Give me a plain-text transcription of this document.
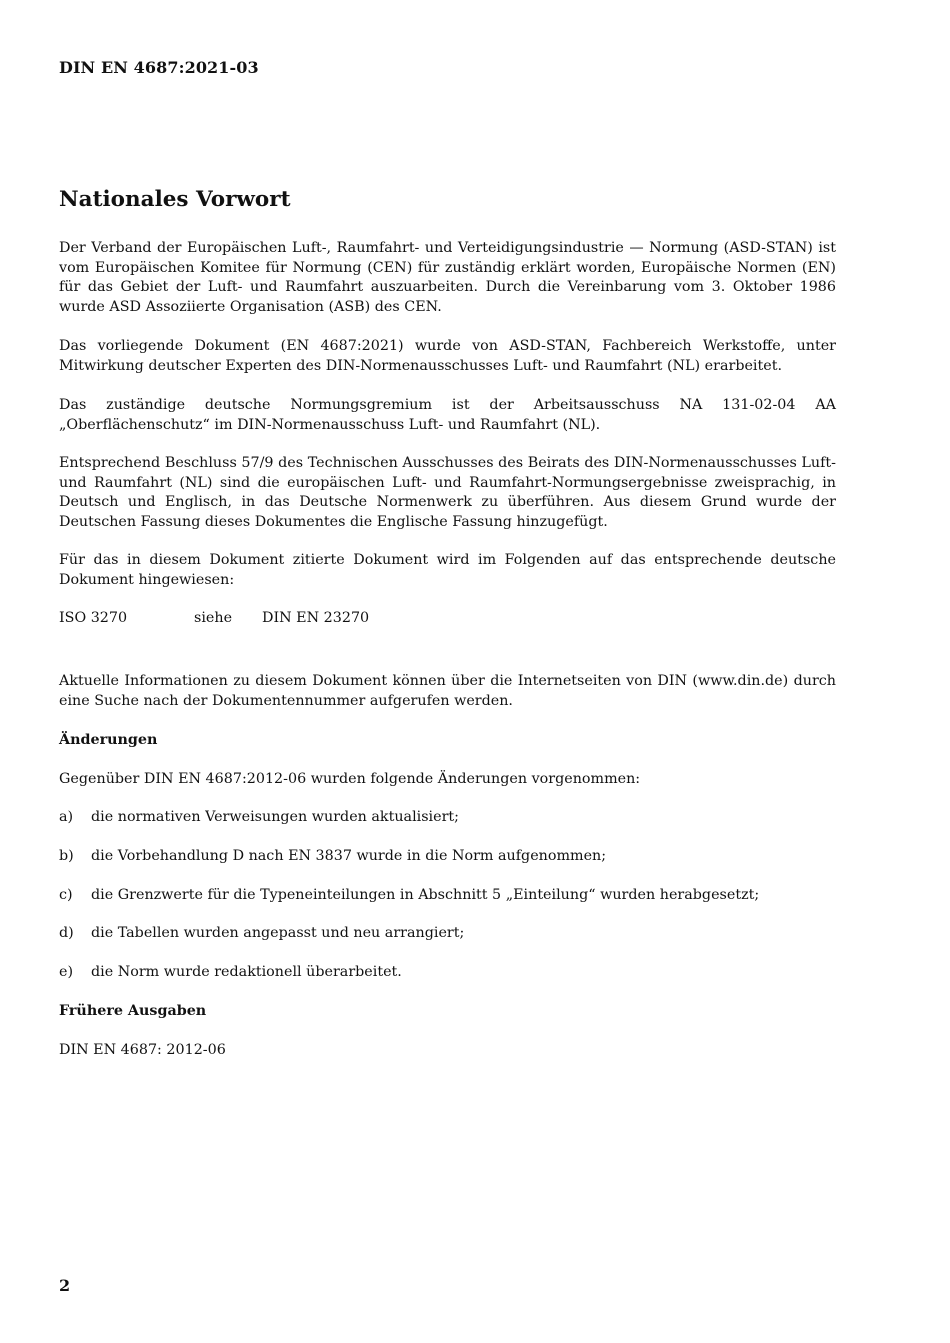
DIN EN 4687:2021-03
Nationales Vorwort

Der Verband der Europäischen Luft-, Raumfahrt- und Verteidigungsindustrie — Normung (ASD-STAN) ist vom Europäischen Komitee für Normung (CEN) für zuständig erklärt worden, Europäische Normen (EN) für das Gebiet der Luft- und Raumfahrt auszuarbeiten. Durch die Vereinbarung vom 3. Oktober 1986 wurde ASD Assoziierte Organisation (ASB) des CEN.

Das vorliegende Dokument (EN 4687:2021) wurde von ASD-STAN, Fachbereich Werkstoffe, unter Mitwirkung deutscher Experten des DIN-Normenausschusses Luft- und Raumfahrt (NL) erarbeitet.

Das zuständige deutsche Normungsgremium ist der Arbeitsausschuss NA 131-02-04 AA „Oberflächenschutz“ im DIN-Normenausschuss Luft- und Raumfahrt (NL).

Entsprechend Beschluss 57/9 des Technischen Ausschusses des Beirats des DIN-Normenausschusses Luft- und Raumfahrt (NL) sind die europäischen Luft- und Raumfahrt-Normungsergebnisse zweisprachig, in Deutsch und Englisch, in das Deutsche Normenwerk zu überführen. Aus diesem Grund wurde der Deutschen Fassung dieses Dokumentes die Englische Fassung hinzugefügt.

Für das in diesem Dokument zitierte Dokument wird im Folgenden auf das entsprechende deutsche Dokument hingewiesen:

ISO 3270	siehe DIN EN 23270

Aktuelle Informationen zu diesem Dokument können über die Internetseiten von DIN (www.din.de) durch eine Suche nach der Dokumentennummer aufgerufen werden.

Änderungen

Gegenüber DIN EN 4687:2012-06 wurden folgende Änderungen vorgenommen:

a) die normativen Verweisungen wurden aktualisiert;
b) die Vorbehandlung D nach EN 3837 wurde in die Norm aufgenommen;
c) die Grenzwerte für die Typeneinteilungen in Abschnitt 5 „Einteilung“ wurden herabgesetzt;
d) die Tabellen wurden angepasst und neu arrangiert;
e) die Norm wurde redaktionell überarbeitet.
Frühere Ausgaben

DIN EN 4687: 2012-06

2
